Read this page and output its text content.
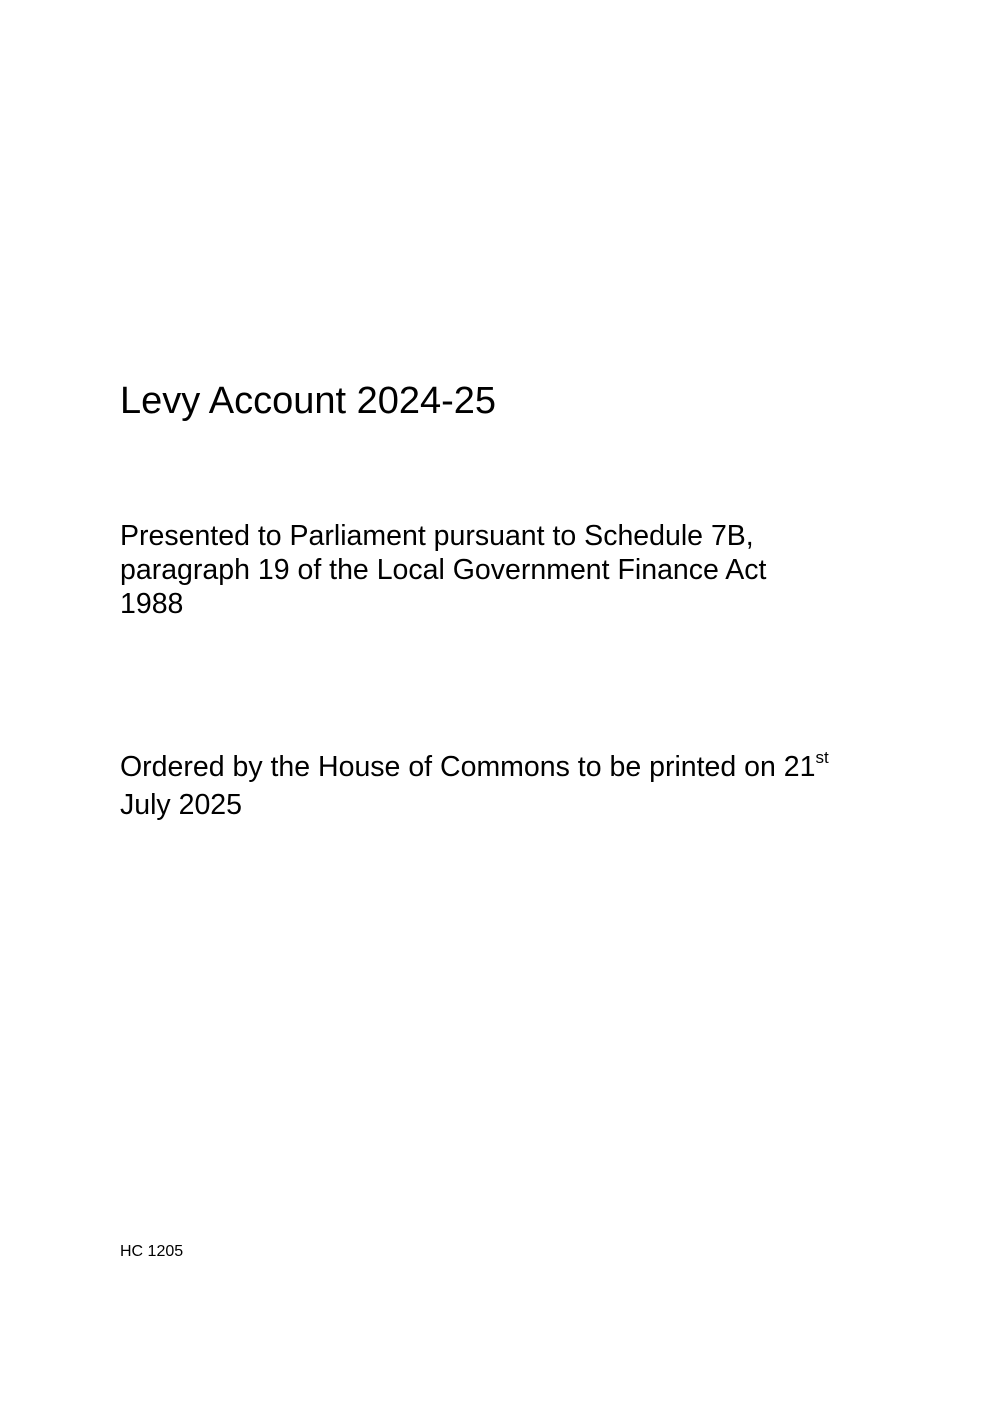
Levy Account 2024-25
Presented to Parliament pursuant to Schedule 7B,
paragraph 19 of the Local Government Finance Act
1988
Ordered by the House of Commons to be printed on 21st
July 2025
HC 1205
